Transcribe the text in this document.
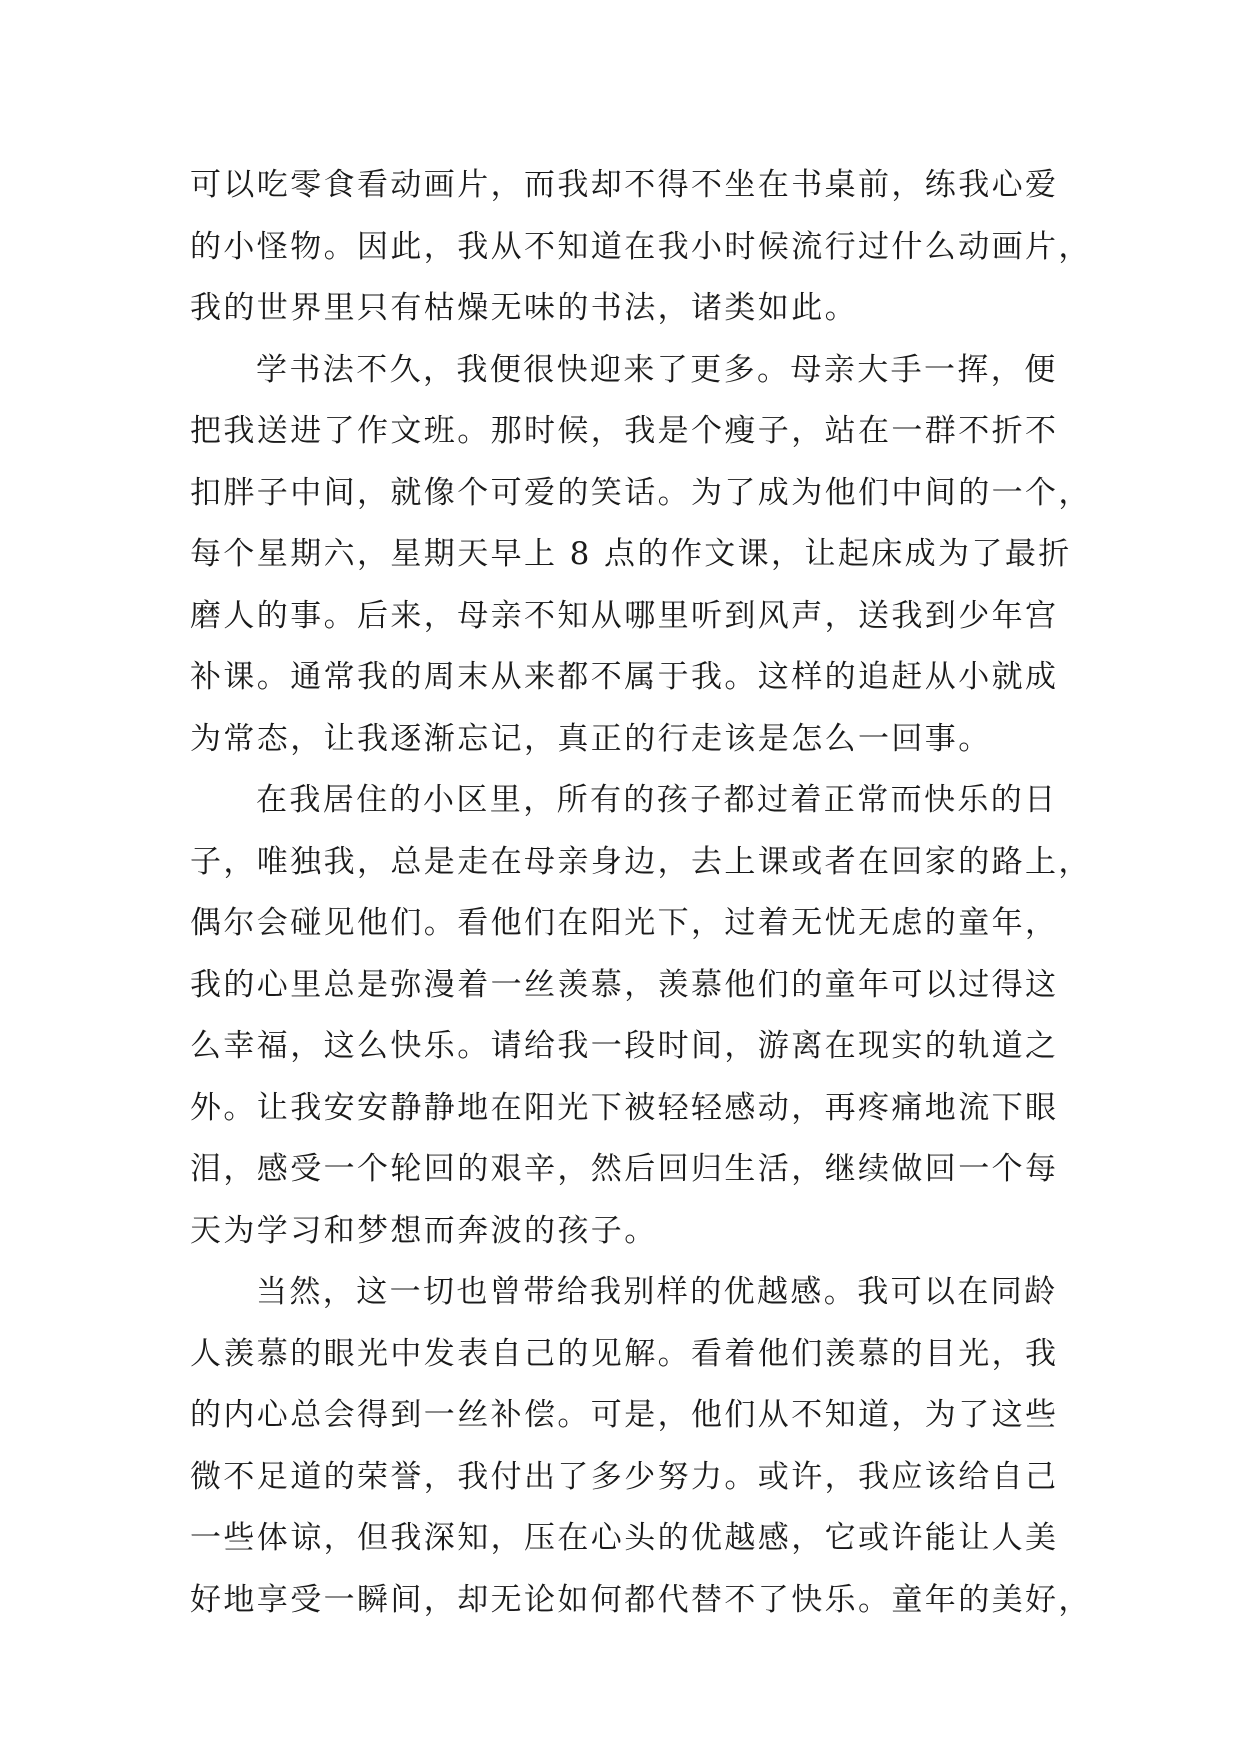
可以吃零食看动画片，而我却不得不坐在书桌前，练我心爱
的小怪物。因此，我从不知道在我小时候流行过什么动画片，
我的世界里只有枯燥无味的书法，诸类如此。
学书法不久，我便很快迎来了更多。母亲大手一挥，便
把我送进了作文班。那时候，我是个瘦子，站在一群不折不
扣胖子中间，就像个可爱的笑话。为了成为他们中间的一个，
每个星期六，星期天早上 8 点的作文课，让起床成为了最折
磨人的事。后来，母亲不知从哪里听到风声，送我到少年宫
补课。通常我的周末从来都不属于我。这样的追赶从小就成
为常态，让我逐渐忘记，真正的行走该是怎么一回事。
在我居住的小区里，所有的孩子都过着正常而快乐的日
子，唯独我，总是走在母亲身边，去上课或者在回家的路上，
偶尔会碰见他们。看他们在阳光下，过着无忧无虑的童年，
我的心里总是弥漫着一丝羡慕，羡慕他们的童年可以过得这
么幸福，这么快乐。请给我一段时间，游离在现实的轨道之
外。让我安安静静地在阳光下被轻轻感动，再疼痛地流下眼
泪，感受一个轮回的艰辛，然后回归生活，继续做回一个每
天为学习和梦想而奔波的孩子。
当然，这一切也曾带给我别样的优越感。我可以在同龄
人羡慕的眼光中发表自己的见解。看着他们羡慕的目光，我
的内心总会得到一丝补偿。可是，他们从不知道，为了这些
微不足道的荣誉，我付出了多少努力。或许，我应该给自己
一些体谅，但我深知，压在心头的优越感，它或许能让人美
好地享受一瞬间，却无论如何都代替不了快乐。童年的美好，
